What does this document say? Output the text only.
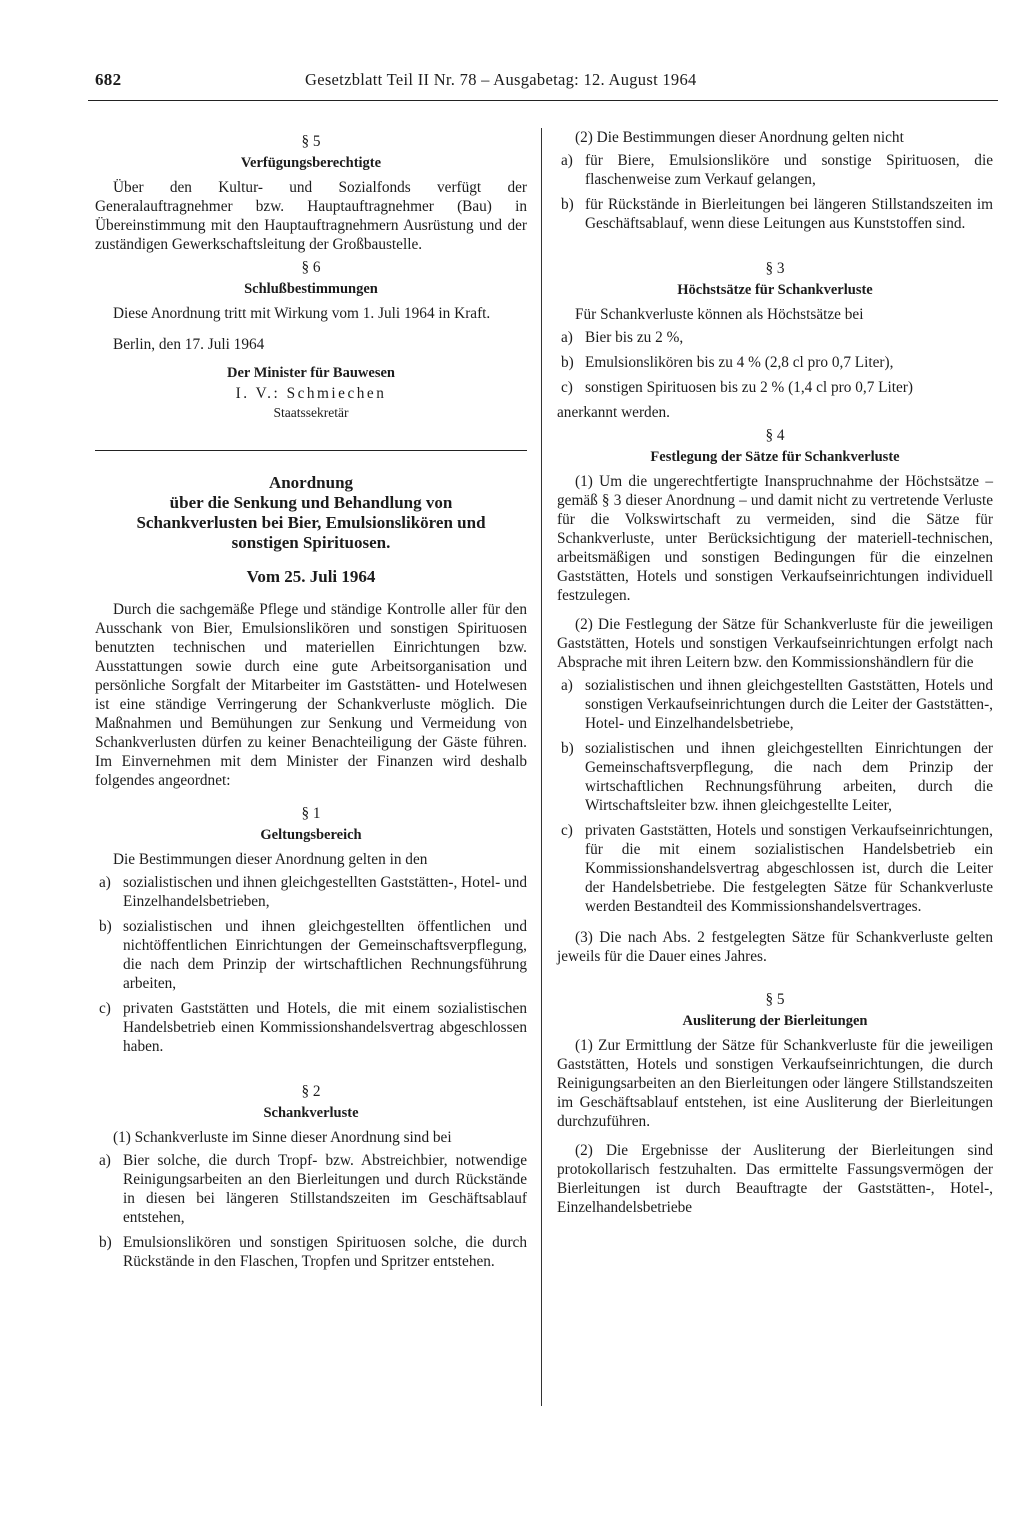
682	Gesetzblatt Teil II Nr. 78 – Ausgabetag: 12. August 1964
§ 5
Verfügungsberechtigte

Über den Kultur- und Sozialfonds verfügt der Generalauftragnehmer bzw. Hauptauftragnehmer (Bau) in Übereinstimmung mit den Hauptauftragnehmern Ausrüstung und der zuständigen Gewerkschaftsleitung der Großbaustelle.

§ 6
Schlußbestimmungen

Diese Anordnung tritt mit Wirkung vom 1. Juli 1964 in Kraft.

Berlin, den 17. Juli 1964

Der Minister für Bauwesen

I. V.: Schmiechen

Staatssekretär

Anordnung

über die Senkung und Behandlung von

Schankverlusten bei Bier, Emulsionslikören und

sonstigen Spirituosen.

Vom 25. Juli 1964

Durch die sachgemäße Pflege und ständige Kontrolle aller für den Ausschank von Bier, Emulsionslikören und sonstigen Spirituosen benutzten technischen und materiellen Einrichtungen bzw. Ausstattungen sowie durch eine gute Arbeitsorganisation und persönliche Sorgfalt der Mitarbeiter im Gaststätten- und Hotelwesen ist eine ständige Verringerung der Schankverluste möglich. Die Maßnahmen und Bemühungen zur Senkung und Vermeidung von Schankverlusten dürfen zu keiner Benachteiligung der Gäste führen. Im Einvernehmen mit dem Minister der Finanzen wird deshalb folgendes angeordnet:

§ 1
Geltungsbereich

Die Bestimmungen dieser Anordnung gelten in den

a) sozialistischen und ihnen gleichgestellten Gaststätten-, Hotel- und Einzelhandelsbetrieben,
b) sozialistischen und ihnen gleichgestellten öffentlichen und nichtöffentlichen Einrichtungen der Gemeinschaftsverpflegung, die nach dem Prinzip der wirtschaftlichen Rechnungsführung arbeiten,
c) privaten Gaststätten und Hotels, die mit einem sozialistischen Handelsbetrieb einen Kommissionshandelsvertrag abgeschlossen haben.
§ 2
Schankverluste

(1) Schankverluste im Sinne dieser Anordnung sind bei

a) Bier solche, die durch Tropf- bzw. Abstreichbier, notwendige Reinigungsarbeiten an den Bierleitungen und durch Rückstände in diesen bei längeren Stillstandszeiten im Geschäftsablauf entstehen,
b) Emulsionslikören und sonstigen Spirituosen solche, die durch Rückstände in den Flaschen, Tropfen und Spritzer entstehen.

(2) Die Bestimmungen dieser Anordnung gelten nicht

a) für Biere, Emulsionsliköre und sonstige Spirituosen, die flaschenweise zum Verkauf gelangen,
b) für Rückstände in Bierleitungen bei längeren Stillstandszeiten im Geschäftsablauf, wenn diese Leitungen aus Kunststoffen sind.
§ 3
Höchstsätze für Schankverluste

Für Schankverluste können als Höchstsätze bei

a) Bier bis zu 2 %,
b) Emulsionslikören bis zu 4 % (2,8 cl pro 0,7 Liter),
c) sonstigen Spirituosen bis zu 2 % (1,4 cl pro 0,7 Liter)

anerkannt werden.

§ 4
Festlegung der Sätze für Schankverluste

(1) Um die ungerechtfertigte Inanspruchnahme der Höchstsätze – gemäß § 3 dieser Anordnung – und damit nicht zu vertretende Verluste für die Volkswirtschaft zu vermeiden, sind die Sätze für Schankverluste, unter Berücksichtigung der materiell-technischen, arbeitsmäßigen und sonstigen Bedingungen für die einzelnen Gaststätten, Hotels und sonstigen Verkaufseinrichtungen individuell festzulegen.

(2) Die Festlegung der Sätze für Schankverluste für die jeweiligen Gaststätten, Hotels und sonstigen Verkaufseinrichtungen erfolgt nach Absprache mit ihren Leitern bzw. den Kommissionshändlern für die

a) sozialistischen und ihnen gleichgestellten Gaststätten, Hotels und sonstigen Verkaufseinrichtungen durch die Leiter der Gaststätten-, Hotel- und Einzelhandelsbetriebe,
b) sozialistischen und ihnen gleichgestellten Einrichtungen der Gemeinschaftsverpflegung, die nach dem Prinzip der wirtschaftlichen Rechnungsführung arbeiten, durch die Wirtschaftsleiter bzw. ihnen gleichgestellte Leiter,
c) privaten Gaststätten, Hotels und sonstigen Verkaufseinrichtungen, für die mit einem sozialistischen Handelsbetrieb ein Kommissionshandelsvertrag abgeschlossen ist, durch die Leiter der Handelsbetriebe. Die festgelegten Sätze für Schankverluste werden Bestandteil des Kommissionshandelsvertrages.

(3) Die nach Abs. 2 festgelegten Sätze für Schankverluste gelten jeweils für die Dauer eines Jahres.

§ 5
Ausliterung der Bierleitungen

(1) Zur Ermittlung der Sätze für Schankverluste für die jeweiligen Gaststätten, Hotels und sonstigen Verkaufseinrichtungen, die durch Reinigungsarbeiten an den Bierleitungen oder längere Stillstandszeiten im Geschäftsablauf entstehen, ist eine Ausliterung der Bierleitungen durchzuführen.

(2) Die Ergebnisse der Ausliterung der Bierleitungen sind protokollarisch festzuhalten. Das ermittelte Fassungsvermögen der Bierleitungen ist durch Beauftragte der Gaststätten-, Hotel-, Einzelhandelsbetriebe
